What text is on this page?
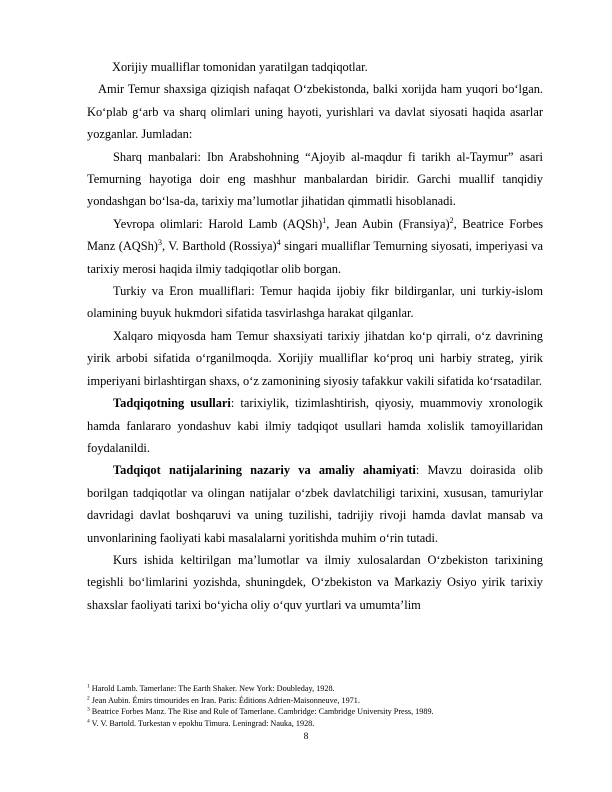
Xorijiy mualliflar tomonidan yaratilgan tadqiqotlar.

Amir Temur shaxsiga qiziqish nafaqat O‘zbekistonda, balki xorijda ham yuqori bo‘lgan. Ko‘plab g‘arb va sharq olimlari uning hayoti, yurishlari va davlat siyosati haqida asarlar yozganlar. Jumladan:

Sharq manbalari: Ibn Arabshohning “Ajoyib al-maqdur fi tarikh al-Taymur” asari Temurning hayotiga doir eng mashhur manbalardan biridir. Garchi muallif tanqidiy yondashgan bo‘lsa-da, tarixiy ma’lumotlar jihatidan qimmatli hisoblanadi.

Yevropa olimlari: Harold Lamb (AQSh)$^1$, Jean Aubin (Fransiya)$^2$, Beatrice Forbes Manz (AQSh)$^3$, V. Barthold (Rossiya)$^4$ singari mualliflar Temurning siyosati, imperiyasi va tarixiy merosi haqida ilmiy tadqiqotlar olib borgan.

Turkiy va Eron mualliflari: Temur haqida ijobiy fikr bildirganlar, uni turkiy-islom olamining buyuk hukmdori sifatida tasvirlashga harakat qilganlar.

Xalqaro miqyosda ham Temur shaxsiyati tarixiy jihatdan ko‘p qirrali, o‘z davrining yirik arbobi sifatida o‘rganilmoqda. Xorijiy mualliflar ko‘proq uni harbiy strateg, yirik imperiyani birlashtirgan shaxs, o‘z zamonining siyosiy tafakkur vakili sifatida ko‘rsatadilar.

Tadqiqotning usullari: tarixiylik, tizimlashtirish, qiyosiy, muammoviy xronologik hamda fanlararo yondashuv kabi ilmiy tadqiqot usullari hamda xolislik tamoyillaridan foydalanildi.

Tadqiqot natijalarining nazariy va amaliy ahamiyati: Mavzu doirasida olib borilgan tadqiqotlar va olingan natijalar o‘zbek davlatchiligi tarixini, xususan, tamuriylar davridagi davlat boshqaruvi va uning tuzilishi, tadrijiy rivoji hamda davlat mansab va unvonlarining faoliyati kabi masalalarni yoritishda muhim o‘rin tutadi.

Kurs ishida keltirilgan ma’lumotlar va ilmiy xulosalardan O‘zbekiston tarixining tegishli bo‘limlarini yozishda, shuningdek, O‘zbekiston va Markaziy Osiyo yirik tarixiy shaxslar faoliyati tarixi bo‘yicha oliy o‘quv yurtlari va umumta’lim

$^1$ Harold Lamb. Tamerlane: The Earth Shaker. New York: Doubleday, 1928.

$^2$ Jean Aubin. Émirs timourides en Iran. Paris: Éditions Adrien-Maisonneuve, 1971.

$^3$ Beatrice Forbes Manz. The Rise and Rule of Tamerlane. Cambridge: Cambridge University Press, 1989.

$^4$ V. V. Bartold. Turkestan v epokhu Timura. Leningrad: Nauka, 1928.

8
